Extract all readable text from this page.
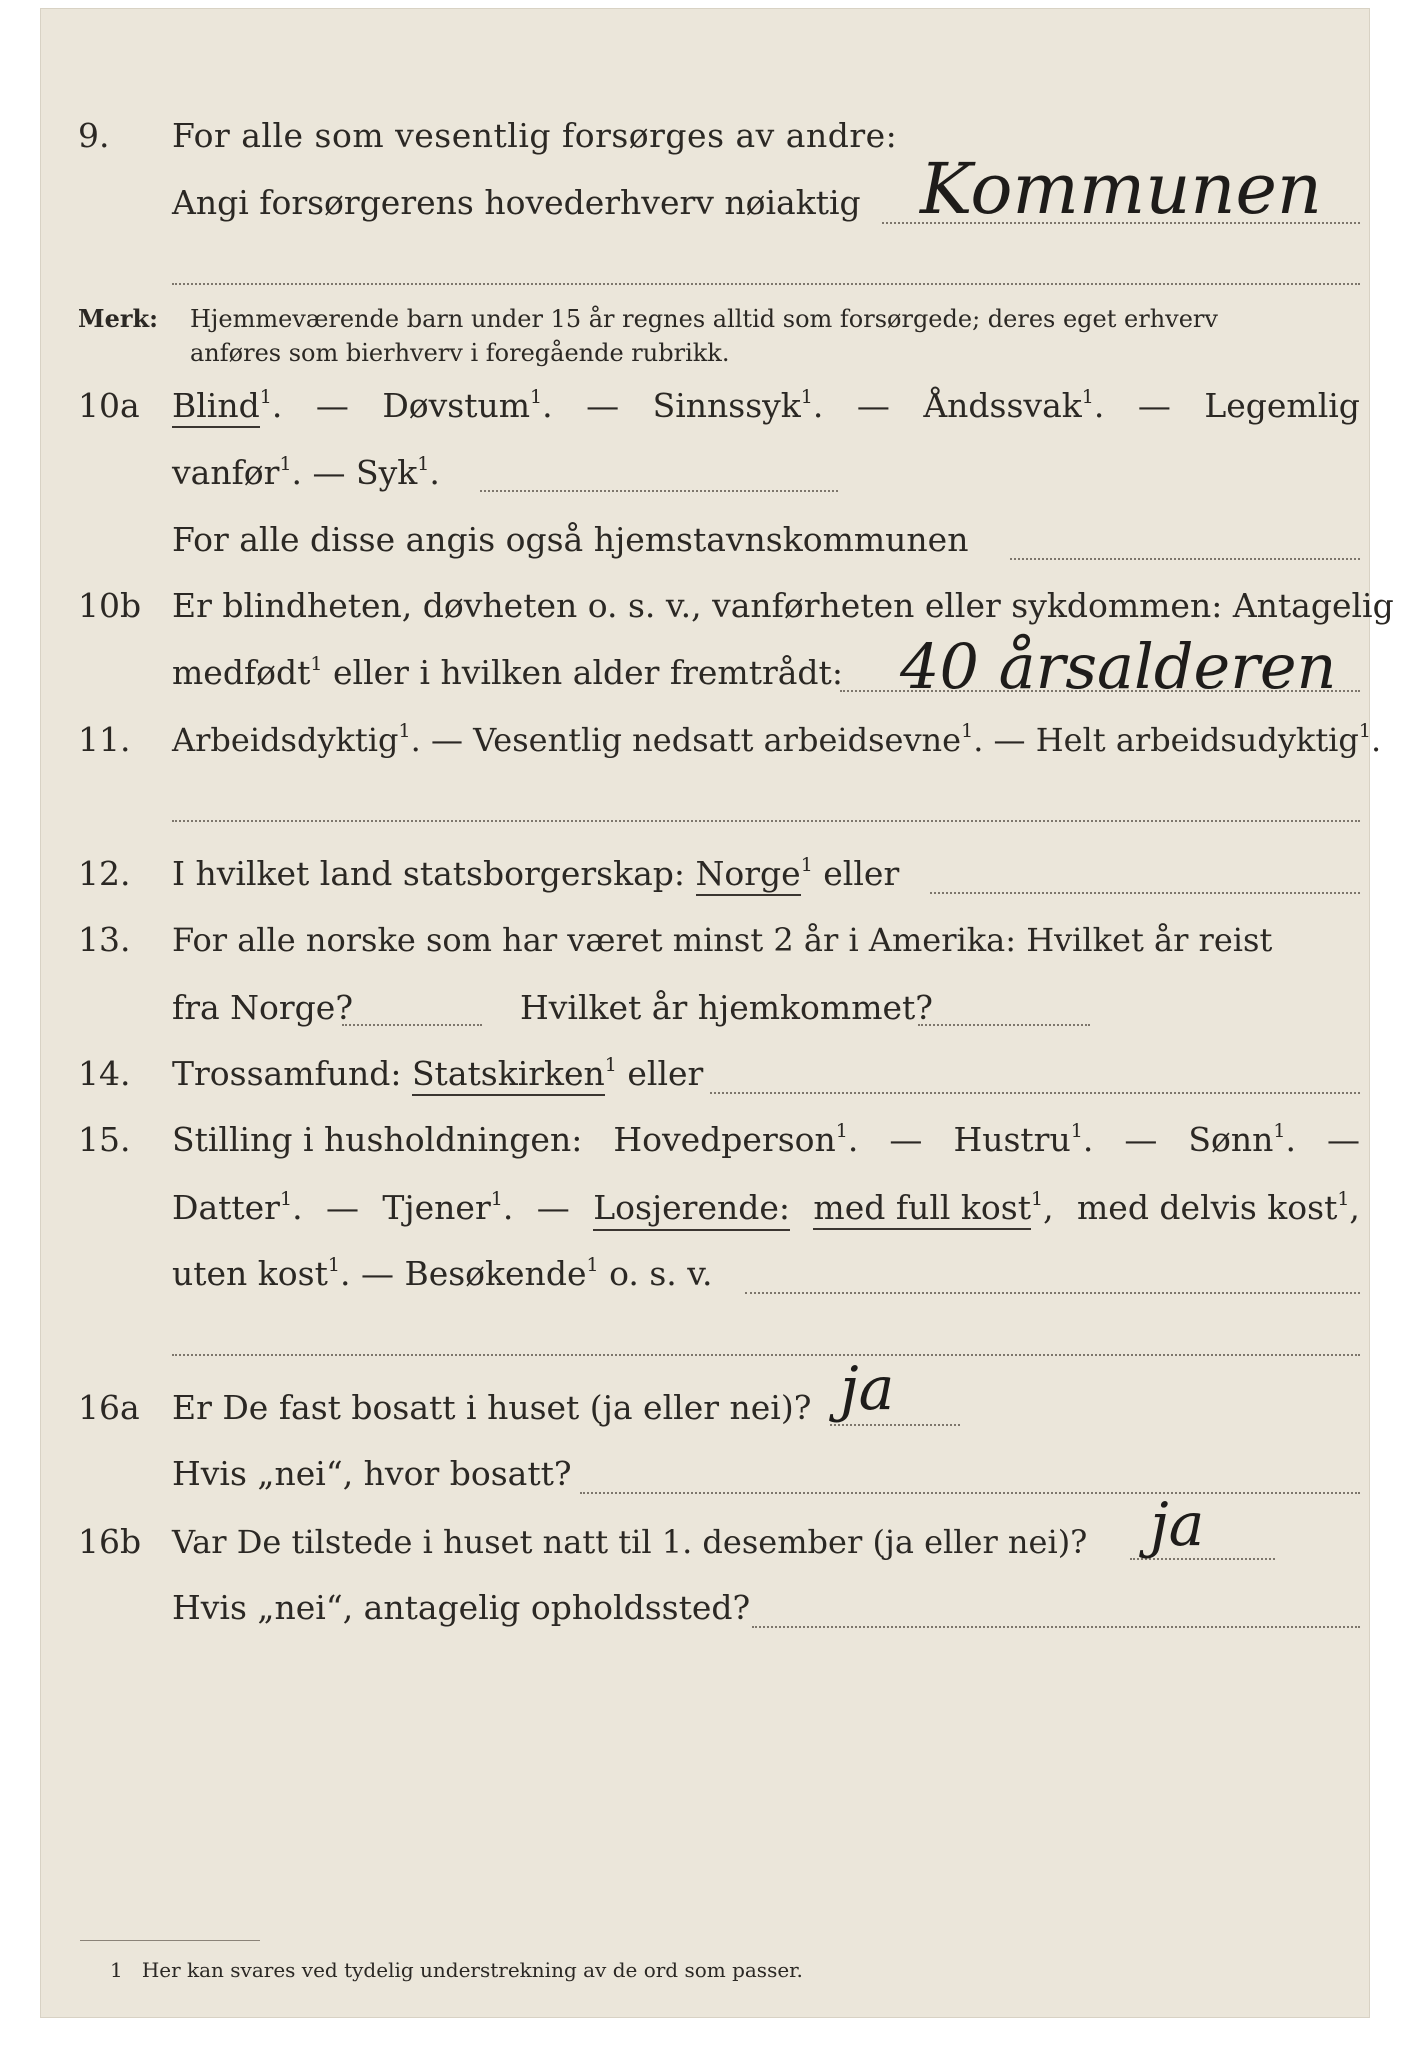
9. For alle som vesentlig forsørges av andre:
Angi forsørgerens hovederhverv nøiaktig Kommunen
Merk: Hjemmeværende barn under 15 år regnes alltid som forsørgede; deres eget erhverv
anføres som bierhverv i foregående rubrikk.
10a Blind$^1$. — Døvstum$^1$. — Sinnssyk$^1$. — Åndssvak$^1$. — Legemlig
vanfør$^1$. — Syk$^1$.
For alle disse angis også hjemstavnskommunen
10b Er blindheten, døvheten o. s. v., vanførheten eller sykdommen: Antagelig
medfødt$^1$ eller i hvilken alder fremtrådt: 40 årsalderen
11. Arbeidsdyktig$^1$. — Vesentlig nedsatt arbeidsevne$^1$. — Helt arbeidsudyktig$^1$.
12. I hvilket land statsborgerskap: Norge$^1$ eller
13. For alle norske som har været minst 2 år i Amerika: Hvilket år reist
fra Norge?	Hvilket år hjemkommet?
14. Trossamfund: Statskirken$^1$ eller
15. Stilling i husholdningen: Hovedperson$^1$. — Hustru$^1$. — Sønn$^1$. —
Datter$^1$. — Tjener$^1$. — Losjerende: med full kost$^1$, med delvis kost$^1$,
uten kost$^1$. — Besøkende$^1$ o. s. v.
16a Er De fast bosatt i huset (ja eller nei)? ja
Hvis „nei“, hvor bosatt?
16b Var De tilstede i huset natt til 1. desember (ja eller nei)? ja
Hvis „nei“, antagelig opholdssted?
1 Her kan svares ved tydelig understrekning av de ord som passer.
